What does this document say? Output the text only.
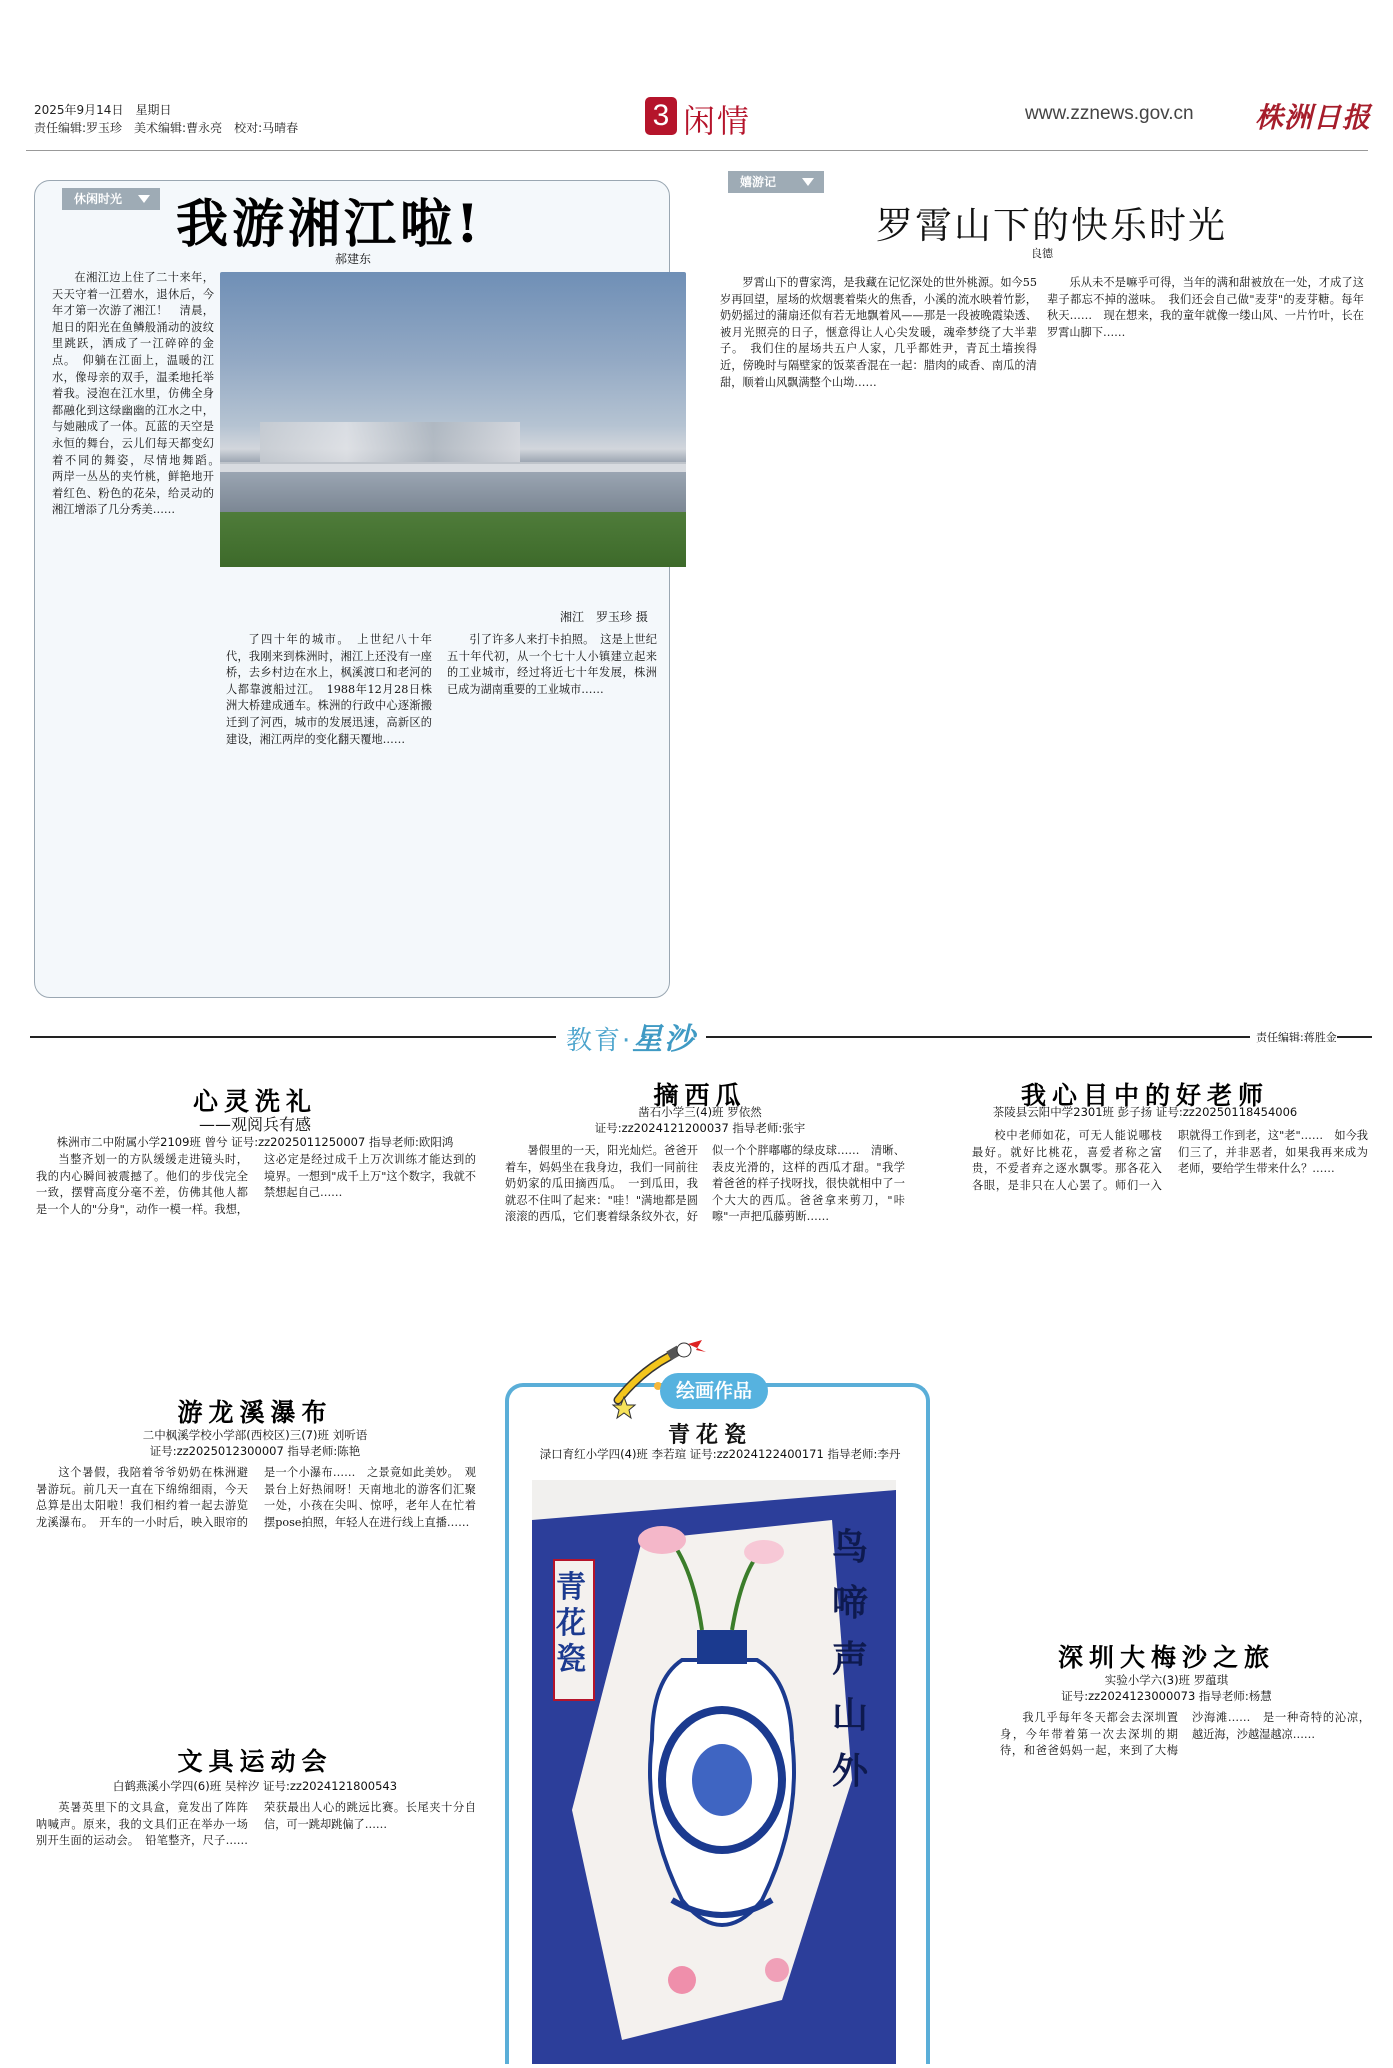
2025年9月14日　星期日
责任编辑:罗玉珍　美术编辑:曹永亮　校对:马晴春	3 闲情	www.zznews.gov.cn 株洲日报
休闲时光	我游湘江啦!
郝建东
湘江　罗玉珍 摄
在湘江边上住了二十来年，天天守着一江碧水，退休后，今年才第一次游了湘江！　清晨，旭日的阳光在鱼鳞般涌动的波纹里跳跃，洒成了一江碎碎的金点。　仰躺在江面上，温暖的江水，像母亲的双手，温柔地托举着我。浸泡在江水里，仿佛全身都融化到这绿幽幽的江水之中，与她融成了一体。瓦蓝的天空是永恒的舞台，云儿们每天都变幻着不同的舞姿，尽情地舞蹈。　两岸一丛丛的夹竹桃，鲜艳地开着红色、粉色的花朵，给灵动的湘江增添了几分秀美……
了四十年的城市。　上世纪八十年代，我刚来到株洲时，湘江上还没有一座桥，去乡村边在水上，枫溪渡口和老河的人都靠渡船过江。　1988年12月28日株洲大桥建成通车。株洲的行政中心逐渐搬迁到了河西，城市的发展迅速，高新区的建设，湘江两岸的变化翻天覆地……
引了许多人来打卡拍照。　这是上世纪五十年代初，从一个七十人小镇建立起来的工业城市，经过将近七十年发展，株洲已成为湖南重要的工业城市……
嬉游记
罗霄山下的快乐时光
良德
罗霄山下的曹家湾，是我藏在记忆深处的世外桃源。如今55岁再回望，屋场的炊烟裹着柴火的焦香，小溪的流水映着竹影，奶奶摇过的蒲扇还似有若无地飘着风——那是一段被晚霞染透、被月光照亮的日子，惬意得让人心尖发暖，魂牵梦绕了大半辈子。　我们住的屋场共五户人家，几乎都姓尹，青瓦土墙挨得近，傍晚时与隔壁家的饭菜香混在一起：腊肉的咸香、南瓜的清甜，顺着山风飘满整个山坳……
乐从未不是嘛乎可得，当年的满和甜被放在一处，才成了这辈子都忘不掉的滋味。　我们还会自己做"麦芽"的麦芽糖。每年秋天……　现在想来，我的童年就像一缕山风、一片竹叶，长在罗霄山脚下……
教育·星沙	责任编辑:蒋胜金
心灵洗礼
——观阅兵有感
株洲市二中附属小学2109班 曾兮 证号:zz2025011250007 指导老师:欧阳鸿
当整齐划一的方队缓缓走进镜头时，我的内心瞬间被震撼了。他们的步伐完全一致，摆臂高度分毫不差，仿佛其他人都是一个人的"分身"，动作一模一样。我想，这必定是经过成千上万次训练才能达到的境界。一想到"成千上万"这个数字，我就不禁想起自己……
摘西瓜
凿石小学三(4)班 罗依然
证号:zz2024121200037 指导老师:张宇
暑假里的一天，阳光灿烂。爸爸开着车，妈妈坐在我身边，我们一同前往奶奶家的瓜田摘西瓜。　一到瓜田，我就忍不住叫了起来："哇！"满地都是圆滚滚的西瓜，它们裹着绿条纹外衣，好似一个个胖嘟嘟的绿皮球……　清晰、表皮光滑的，这样的西瓜才甜。"我学着爸爸的样子找呀找，很快就相中了一个大大的西瓜。爸爸拿来剪刀，"咔嚓"一声把瓜藤剪断……
我心目中的好老师
茶陵县云阳中学2301班 彭子扬 证号:zz2025011845400​6
校中老师如花，可无人能说哪枝最好。就好比桃花，喜爱者称之富贵，不爱者弃之逐水飘零。那各花入各眼，是非只在人心罢了。师们一入职就得工作到老，这"老"……　如今我们三了，并非恶者，如果我再来成为老师，要给学生带来什么？……
游龙溪瀑布
二中枫溪学校小学部(西校区)三(7)班 刘听语
证号:zz2025012300007 指导老师:陈艳
这个暑假，我陪着爷爷奶奶在株洲避暑游玩。前几天一直在下绵绵细雨，今天总算是出太阳啦！我们相约着一起去游览龙溪瀑布。　开车的一小时后，映入眼帘的是一个小瀑布……　之景竟如此美妙。　观景台上好热闹呀！天南地北的游客们汇聚一处，小孩在尖叫、惊呼，老年人在忙着摆pose拍照，年轻人在进行线上直播……
文具运动会
白鹤燕溪小学四(6)班 吴梓汐 证号:zz2024121800543
英暑英里下的文具盒，竟发出了阵阵呐喊声。原来，我的文具们正在举办一场别开生面的运动会。　铅笔整齐，尺子…… 荣获最出人心的跳远比赛。长尾夹十分自信，可一跳却跳偏了……
深圳大梅沙之旅
实验小学六(3)班 罗蕴琪
证号:zz2024123000073 指导老师:杨慧
我几乎每年冬天都会去深圳置身，今年带着第一次去深圳的期待，和爸爸妈妈一起，来到了大梅沙海滩……　是一种奇特的沁凉，越近海，沙越湿越凉……
绘画作品
青花瓷
渌口育红小学四(4)班 李若瑄 证号:zz2024122400171 指导老师:李丹
青花瓷
鸟啼声山外
